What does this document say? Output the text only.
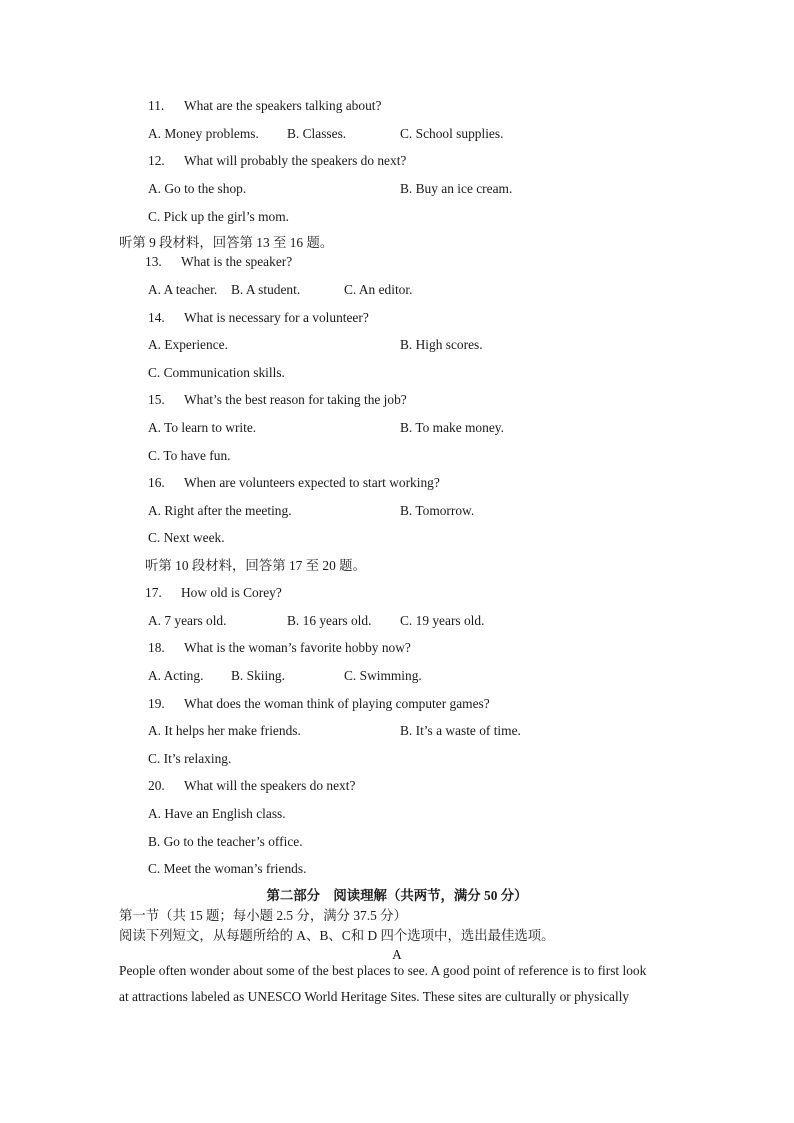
11. What are the speakers talking about?
A. Money problems. B. Classes.	C. School supplies.
12. What will probably the speakers do next?
A. Go to the shop.	B. Buy an ice cream.
C. Pick up the girl’s mom.
听第 9 段材料，回答第 13 至 16 题。
13. What is the speaker?
A. A teacher. B. A student.	C. An editor.
14. What is necessary for a volunteer?
A. Experience.	B. High scores.
C. Communication skills.
15. What’s the best reason for taking the job?
A. To learn to write.	B. To make money.
C. To have fun.
16. When are volunteers expected to start working?
A. Right after the meeting.	B. Tomorrow.
C. Next week.
听第 10 段材料，回答第 17 至 20 题。
17. How old is Corey?
A. 7 years old.	B. 16 years old. C. 19 years old.
18. What is the woman’s favorite hobby now?
A. Acting. B. Skiing.	C. Swimming.
19. What does the woman think of playing computer games?
A. It helps her make friends.	B. It’s a waste of time.
C. It’s relaxing.
20. What will the speakers do next?
A. Have an English class.
B. Go to the teacher’s office.
C. Meet the woman’s friends.
第二部分　阅读理解（共两节，满分 50 分）
第一节（共 15 题；每小题 2.5 分，满分 37.5 分）
阅读下列短文，从每题所给的 A、B、C和 D 四个选项中，选出最佳选项。
A
People often wonder about some of the best places to see. A good point of reference is to first look
at attractions labeled as UNESCO World Heritage Sites. These sites are culturally or physically
